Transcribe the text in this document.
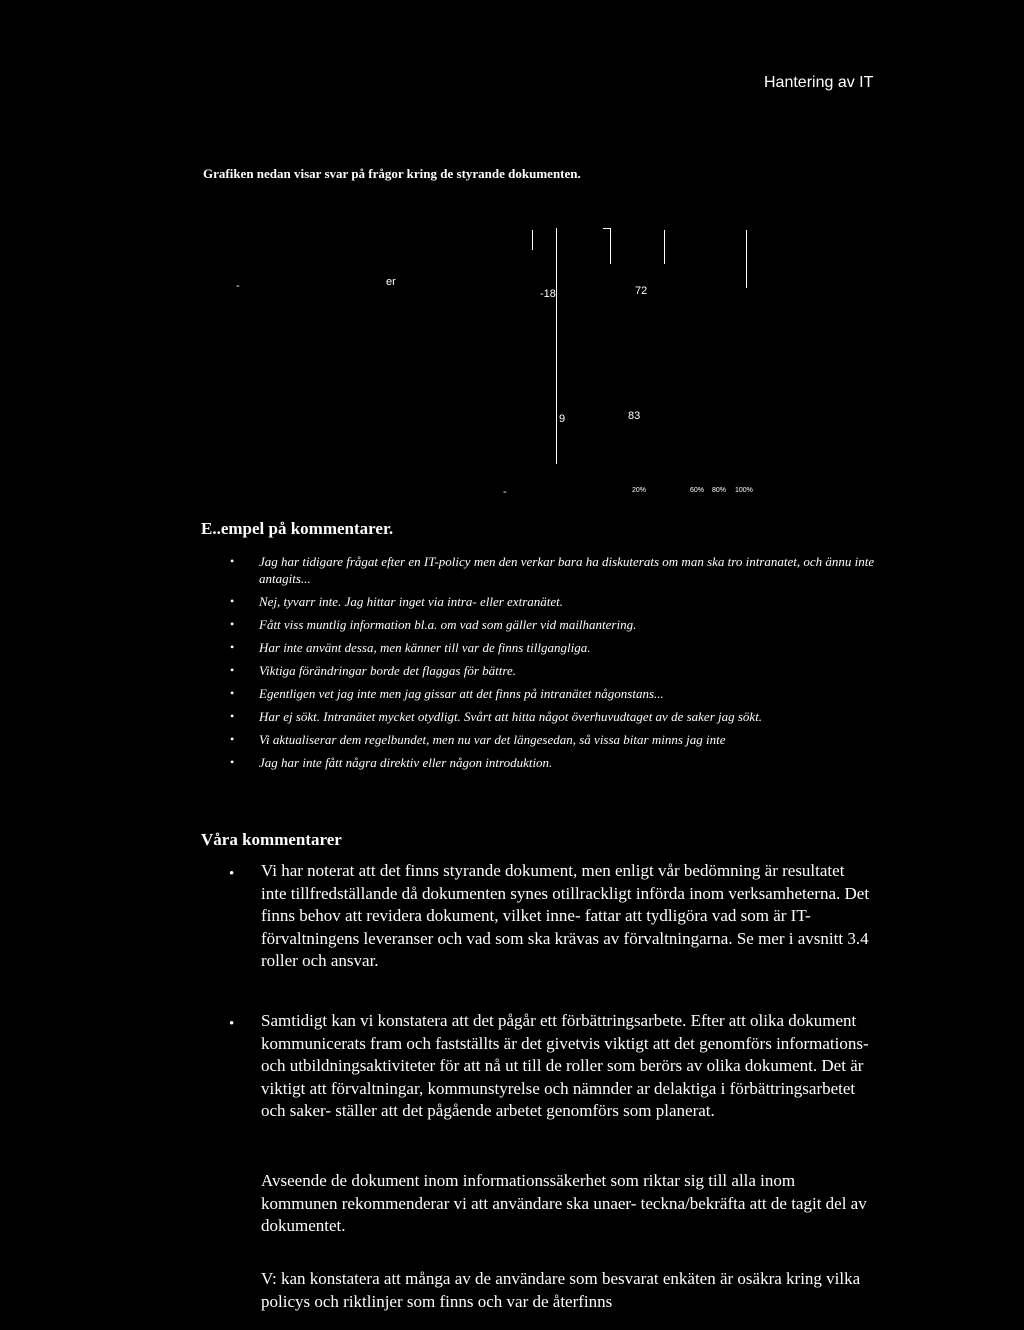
Hantering av IT
Grafiken nedan visar svar på frågor kring de styrande dokumenten.
-	er
-18	72
9	83
-	20%	60% 80% 100%
E..empel på kommentarer.
• Jag har tidigare frågat efter en IT-policy men den verkar bara ha diskuterats om man ska tro intranatet, och ännu inte antagits...
• Nej, tyvarr inte. Jag hittar inget via intra- eller extranätet.
• Fått viss muntlig information bl.a. om vad som gäller vid mailhantering.
• Har inte använt dessa, men känner till var de finns tillgangliga.
• Viktiga förändringar borde det flaggas för bättre.
• Egentligen vet jag inte men jag gissar att det finns på intranätet någonstans...
• Har ej sökt. Intranätet mycket otydligt. Svårt att hitta något överhuvudtaget av de saker jag sökt.
• Vi aktualiserar dem regelbundet, men nu var det längesedan, så vissa bitar minns jag inte
• Jag har inte fått några direktiv eller någon introduktion.
Våra kommentarer
• Vi har noterat att det finns styrande dokument, men enligt vår bedömning är resultatet inte tillfredställande då dokumenten synes otillrackligt införda inom verksamheterna. Det finns behov att revidera dokument, vilket inne- fattar att tydligöra vad som är IT-förvaltningens leveranser och vad som ska krävas av förvaltningarna. Se mer i avsnitt 3.4 roller och ansvar.
• Samtidigt kan vi konstatera att det pågår ett förbättringsarbete. Efter att olika dokument kommunicerats fram och fastställts är det givetvis viktigt att det genomförs informations- och utbildningsaktiviteter för att nå ut till de roller som berörs av olika dokument. Det är viktigt att förvaltningar, kommunstyrelse och nämnder ar delaktiga i förbättringsarbetet och saker- ställer att det pågående arbetet genomförs som planerat.
Avseende de dokument inom informationssäkerhet som riktar sig till alla inom kommunen rekommenderar vi att användare ska unaer- teckna/bekräfta att de tagit del av dokumentet.
V: kan konstatera att många av de användare som besvarat enkäten är osäkra kring vilka policys och riktlinjer som finns och var de återfinns
